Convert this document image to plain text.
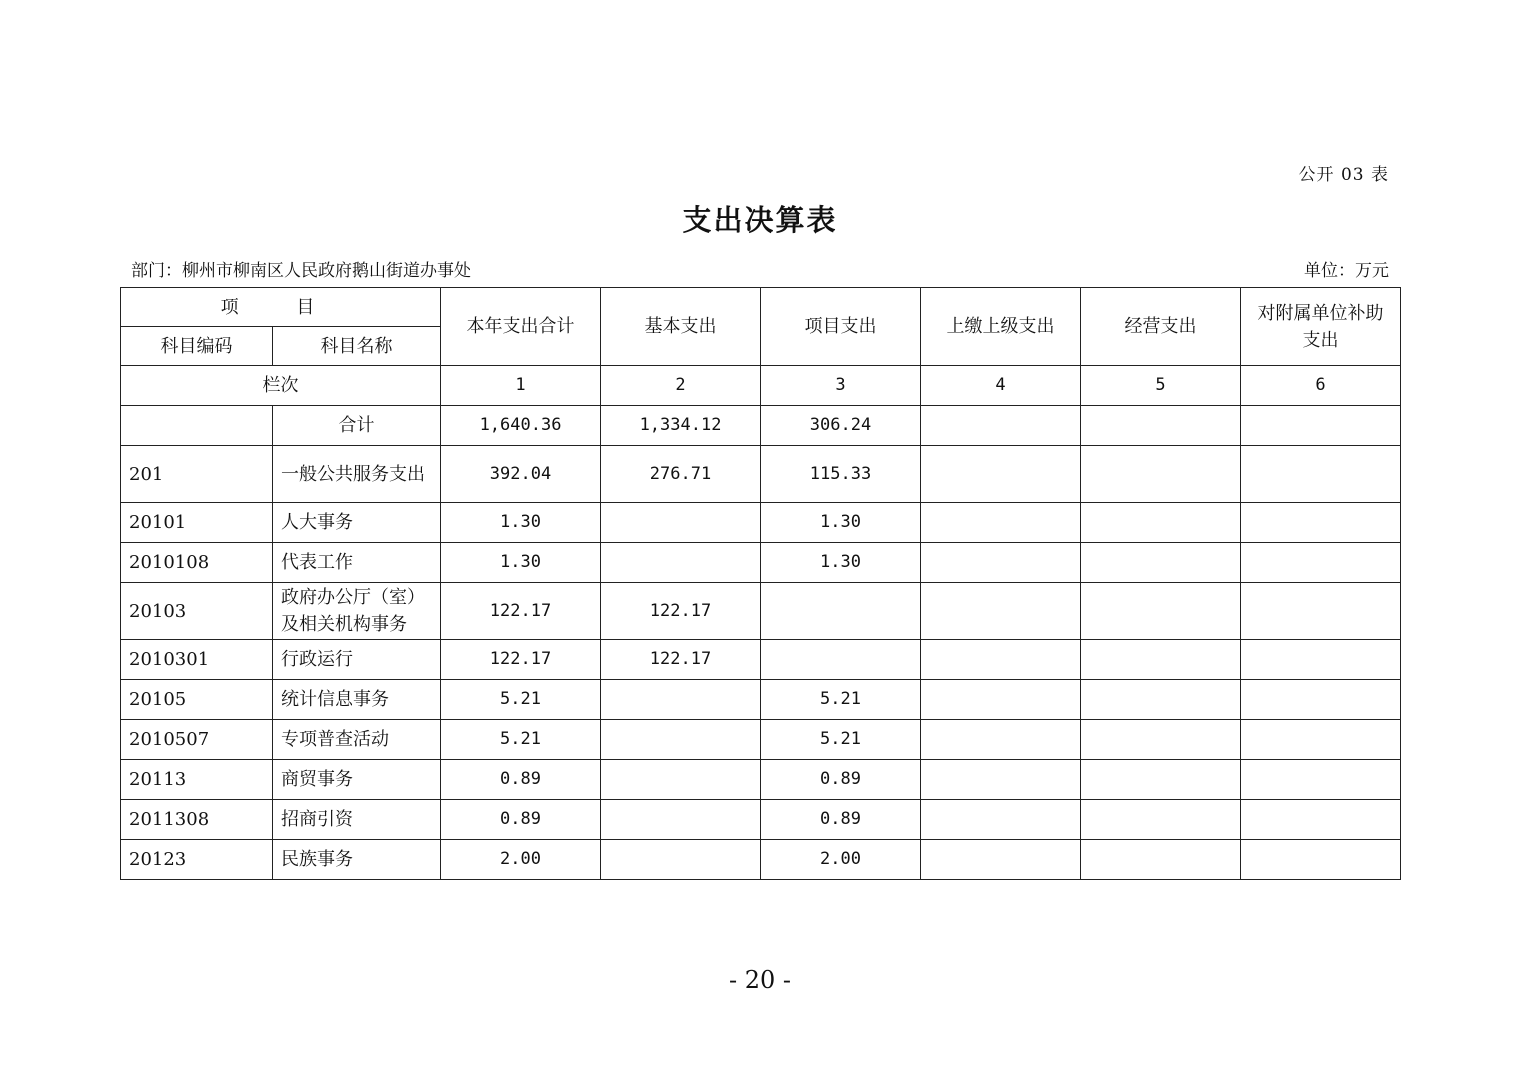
公开 03 表
支出决算表
部门：柳州市柳南区人民政府鹅山街道办事处	单位：万元
项 目		本年支出合计	基本支出	项目支出	上缴上级支出	经营支出	对附属单位补助支出
科目编码	科目名称						
栏次		1	2	3	4	5	6
	合计	1,640.36	1,334.12	306.24			
201	一般公共服务支出	392.04	276.71	115.33			
20101	人大事务	1.30		1.30			
2010108	代表工作	1.30		1.30			
20103	政府办公厅（室）及相关机构事务	122.17	122.17				
2010301	行政运行	122.17	122.17				
20105	统计信息事务	5.21		5.21			
2010507	专项普查活动	5.21		5.21			
20113	商贸事务	0.89		0.89			
2011308	招商引资	0.89		0.89			
20123	民族事务	2.00		2.00			
- 20 -
